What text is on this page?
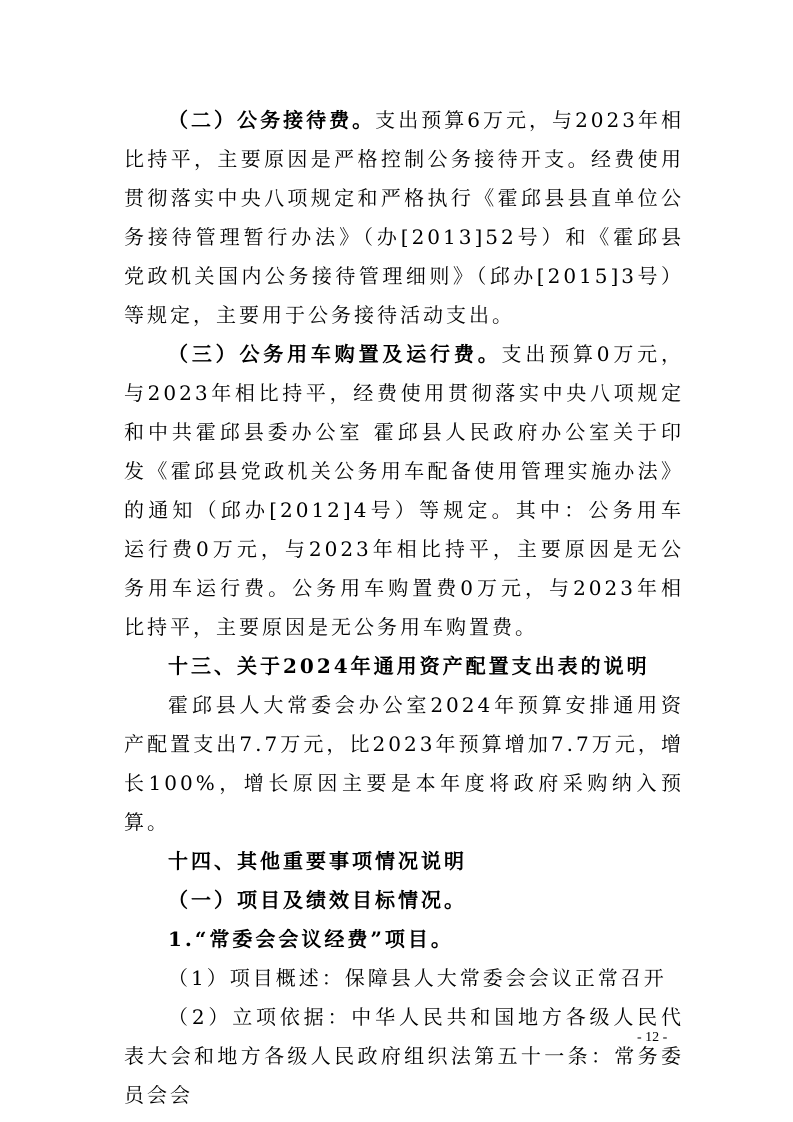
（二）公务接待费。支出预算6万元，与2023年相比持平，主要原因是严格控制公务接待开支。经费使用贯彻落实中央八项规定和严格执行《霍邱县县直单位公务接待管理暂行办法》（办[2013]52号）和《霍邱县党政机关国内公务接待管理细则》（邱办[2015]3号）等规定，主要用于公务接待活动支出。

（三）公务用车购置及运行费。支出预算0万元，与2023年相比持平，经费使用贯彻落实中央八项规定和中共霍邱县委办公室 霍邱县人民政府办公室关于印发《霍邱县党政机关公务用车配备使用管理实施办法》的通知（邱办[2012]4号）等规定。其中：公务用车运行费0万元，与2023年相比持平，主要原因是无公务用车运行费。公务用车购置费0万元，与2023年相比持平，主要原因是无公务用车购置费。

十三、关于2024年通用资产配置支出表的说明

霍邱县人大常委会办公室2024年预算安排通用资产配置支出7.7万元，比2023年预算增加7.7万元，增长100%，增长原因主要是本年度将政府采购纳入预算。

十四、其他重要事项情况说明

（一）项目及绩效目标情况。

1.“常委会会议经费”项目。

（1）项目概述：保障县人大常委会会议正常召开

（2）立项依据：中华人民共和国地方各级人民代表大会和地方各级人民政府组织法第五十一条：常务委员会会

- 12 -
